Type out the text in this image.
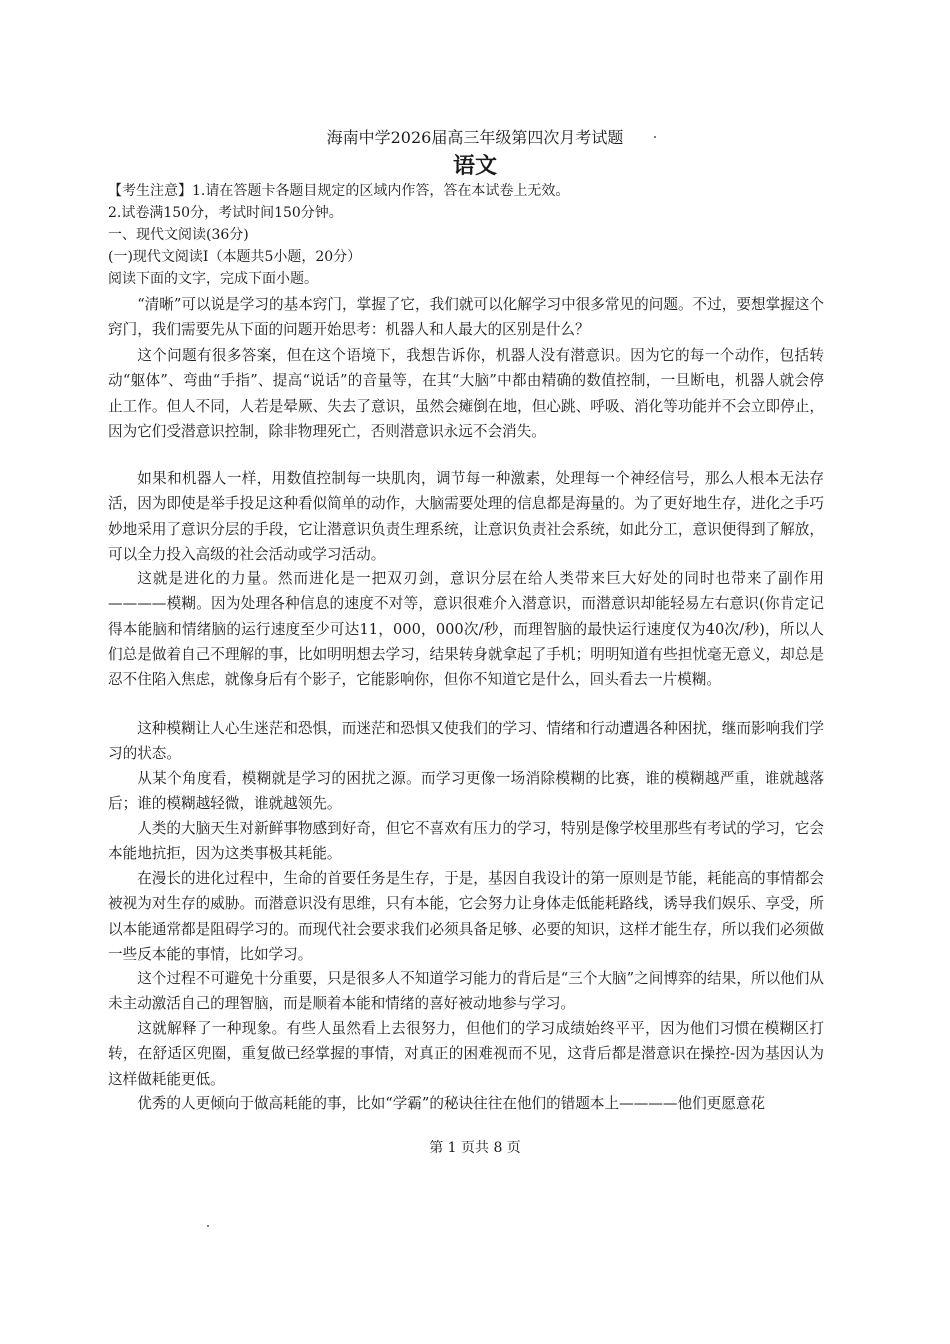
海南中学2026届高三年级第四次月考试题
语文
【考生注意】1.请在答题卡各题目规定的区域内作答，答在本试卷上无效。
2.试卷满150分，考试时间150分钟。
一、现代文阅读(36分)
(一)现代文阅读Ⅰ（本题共5小题，20分）
阅读下面的文字，完成下面小题。

“清晰”可以说是学习的基本窍门，掌握了它，我们就可以化解学习中很多常见的问题。不过，要想掌握这个窍门，我们需要先从下面的问题开始思考：机器人和人最大的区别是什么？

这个问题有很多答案，但在这个语境下，我想告诉你，机器人没有潜意识。因为它的每一个动作，包括转动“躯体”、弯曲“手指”、提高“说话”的音量等，在其“大脑”中都由精确的数值控制，一旦断电，机器人就会停止工作。但人不同，人若是晕厥、失去了意识，虽然会瘫倒在地，但心跳、呼吸、消化等功能并不会立即停止，因为它们受潜意识控制，除非物理死亡，否则潜意识永远不会消失。

如果和机器人一样，用数值控制每一块肌肉，调节每一种激素，处理每一个神经信号，那么人根本无法存活，因为即使是举手投足这种看似简单的动作，大脑需要处理的信息都是海量的。为了更好地生存，进化之手巧妙地采用了意识分层的手段，它让潜意识负责生理系统，让意识负责社会系统，如此分工，意识便得到了解放，可以全力投入高级的社会活动或学习活动。

这就是进化的力量。然而进化是一把双刃剑，意识分层在给人类带来巨大好处的同时也带来了副作用————模糊。因为处理各种信息的速度不对等，意识很难介入潜意识，而潜意识却能轻易左右意识(你肯定记得本能脑和情绪脑的运行速度至少可达11，000，000次/秒，而理智脑的最快运行速度仅为40次/秒)，所以人们总是做着自己不理解的事，比如明明想去学习，结果转身就拿起了手机；明明知道有些担忧毫无意义，却总是忍不住陷入焦虑，就像身后有个影子，它能影响你，但你不知道它是什么，回头看去一片模糊。

这种模糊让人心生迷茫和恐惧，而迷茫和恐惧又使我们的学习、情绪和行动遭遇各种困扰，继而影响我们学习的状态。

从某个角度看，模糊就是学习的困扰之源。而学习更像一场消除模糊的比赛，谁的模糊越严重，谁就越落后；谁的模糊越轻微，谁就越领先。

人类的大脑天生对新鲜事物感到好奇，但它不喜欢有压力的学习，特别是像学校里那些有考试的学习，它会本能地抗拒，因为这类事极其耗能。

在漫长的进化过程中，生命的首要任务是生存，于是，基因自我设计的第一原则是节能，耗能高的事情都会被视为对生存的威胁。而潜意识没有思维，只有本能，它会努力让身体走低能耗路线，诱导我们娱乐、享受，所以本能通常都是阻碍学习的。而现代社会要求我们必须具备足够、必要的知识，这样才能生存，所以我们必须做一些反本能的事情，比如学习。

这个过程不可避免十分重要，只是很多人不知道学习能力的背后是“三个大脑”之间博弈的结果，所以他们从未主动激活自己的理智脑，而是顺着本能和情绪的喜好被动地参与学习。

这就解释了一种现象。有些人虽然看上去很努力，但他们的学习成绩始终平平，因为他们习惯在模糊区打转，在舒适区兜圈，重复做已经掌握的事情，对真正的困难视而不见，这背后都是潜意识在操控-因为基因认为这样做耗能更低。

优秀的人更倾向于做高耗能的事，比如“学霸”的秘诀往往在他们的错题本上————他们更愿意花

第 1 页共 8 页
